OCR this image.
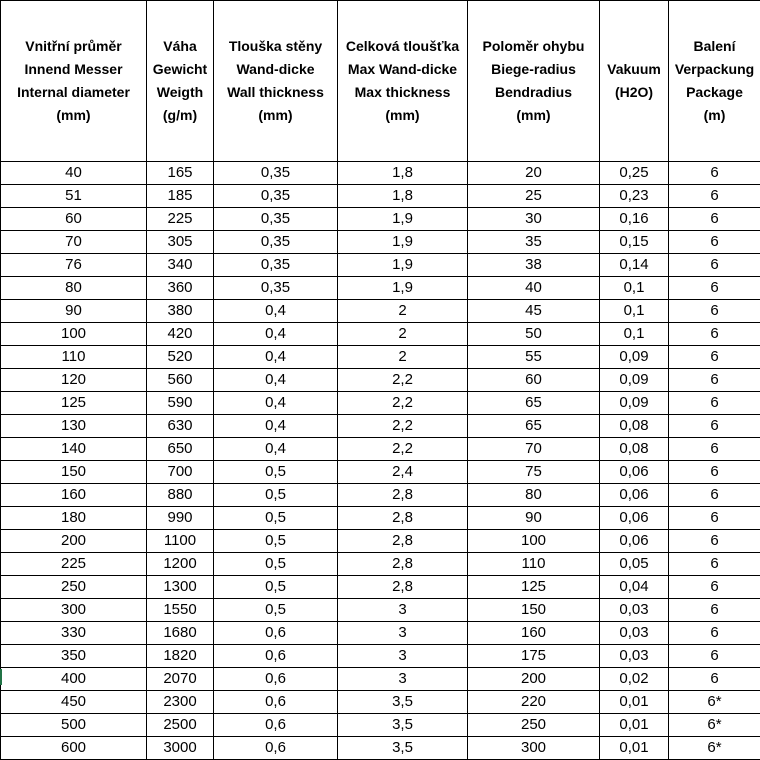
Vnitřní průměr
Innend Messer
Internal diameter
(mm)	Váha
Gewicht
Weigth
(g/m)	Tlouška stěny
Wand-dicke
Wall thickness
(mm)	Celková tloušťka
Max Wand-dicke
Max thickness
(mm)	Poloměr ohybu
Biege-radius
Bendradius
(mm)	Vakuum
(H2O)	Balení
Verpackung
Package
(m)

40	165	0,35	1,8	20	0,25	6
51	185	0,35	1,8	25	0,23	6
60	225	0,35	1,9	30	0,16	6
70	305	0,35	1,9	35	0,15	6
76	340	0,35	1,9	38	0,14	6
80	360	0,35	1,9	40	0,1	6
90	380	0,4	2	45	0,1	6
100	420	0,4	2	50	0,1	6
110	520	0,4	2	55	0,09	6
120	560	0,4	2,2	60	0,09	6
125	590	0,4	2,2	65	0,09	6
130	630	0,4	2,2	65	0,08	6
140	650	0,4	2,2	70	0,08	6
150	700	0,5	2,4	75	0,06	6
160	880	0,5	2,8	80	0,06	6
180	990	0,5	2,8	90	0,06	6
200	1100	0,5	2,8	100	0,06	6
225	1200	0,5	2,8	110	0,05	6
250	1300	0,5	2,8	125	0,04	6
300	1550	0,5	3	150	0,03	6
330	1680	0,6	3	160	0,03	6
350	1820	0,6	3	175	0,03	6
400	2070	0,6	3	200	0,02	6
450	2300	0,6	3,5	220	0,01	6*
500	2500	0,6	3,5	250	0,01	6*
600	3000	0,6	3,5	300	0,01	6*
